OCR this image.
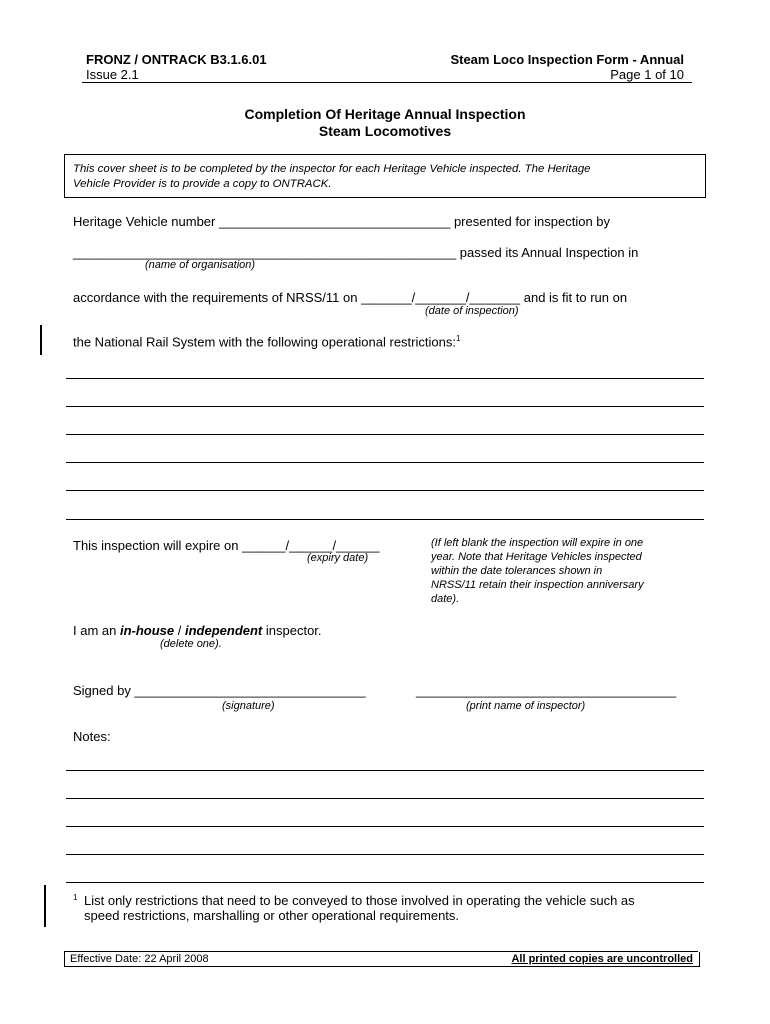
FRONZ / ONTRACK B3.1.6.01
Issue 2.1
Steam Loco Inspection Form - Annual
Page 1 of 10
Completion Of Heritage Annual Inspection
Steam Locomotives
This cover sheet is to be completed by the inspector for each Heritage Vehicle inspected. The Heritage
Vehicle Provider is to provide a copy to ONTRACK.
Heritage Vehicle number ________________________________ presented for inspection by
_____________________________________________________ passed its Annual Inspection in
(name of organisation)
accordance with the requirements of NRSS/11 on _______/_______/_______ and is fit to run on
(date of inspection)
the National Rail System with the following operational restrictions:$^1$
This inspection will expire on ______/______/______
(expiry date)
(If left blank the inspection will expire in one
year. Note that Heritage Vehicles inspected
within the date tolerances shown in
NRSS/11 retain their inspection anniversary
date).
I am an in-house / independent inspector.
(delete one).
Signed by ________________________________	____________________________________
(signature)	(print name of inspector)
Notes:
1 List only restrictions that need to be conveyed to those involved in operating the vehicle such as
speed restrictions, marshalling or other operational requirements.
Effective Date: 22 April 2008	All printed copies are uncontrolled
